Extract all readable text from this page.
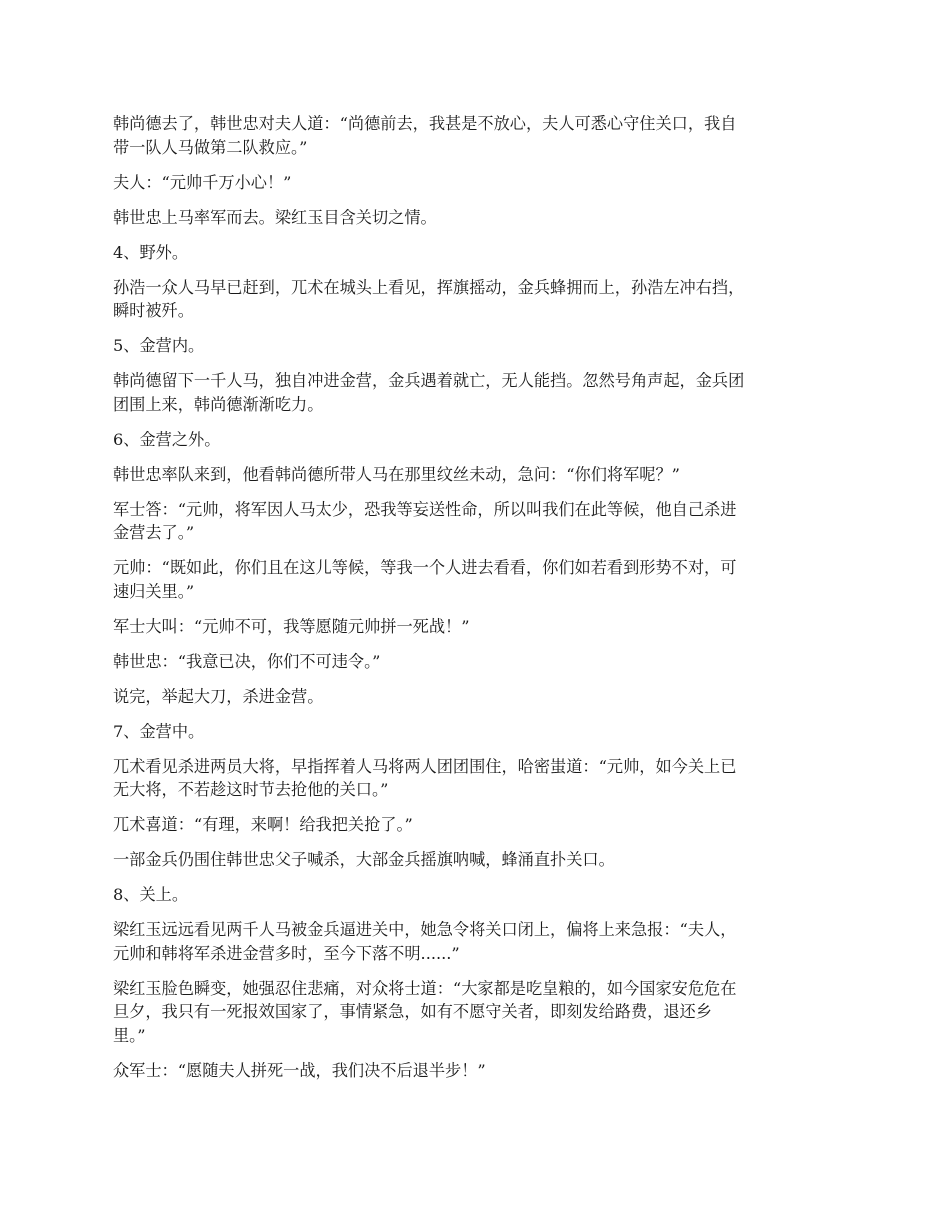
韩尚德去了，韩世忠对夫人道：“尚德前去，我甚是不放心，夫人可悉心守住关口，我自
带一队人马做第二队救应。”

夫人：“元帅千万小心！”

韩世忠上马率军而去。梁红玉目含关切之情。

4、野外。

孙浩一众人马早已赶到，兀术在城头上看见，挥旗摇动，金兵蜂拥而上，孙浩左冲右挡，
瞬时被歼。

5、金营内。

韩尚德留下一千人马，独自冲进金营，金兵遇着就亡，无人能挡。忽然号角声起，金兵团
团围上来，韩尚德渐渐吃力。

6、金营之外。

韩世忠率队来到，他看韩尚德所带人马在那里纹丝未动，急问：“你们将军呢？”

军士答：“元帅，将军因人马太少，恐我等妄送性命，所以叫我们在此等候，他自己杀进
金营去了。”

元帅：“既如此，你们且在这儿等候，等我一个人进去看看，你们如若看到形势不对，可
速归关里。”

军士大叫：“元帅不可，我等愿随元帅拼一死战！”

韩世忠：“我意已决，你们不可违令。”

说完，举起大刀，杀进金营。

7、金营中。

兀术看见杀进两员大将，早指挥着人马将两人团团围住，哈密蚩道：“元帅，如今关上已
无大将，不若趁这时节去抢他的关口。”

兀术喜道：“有理，来啊！给我把关抢了。”

一部金兵仍围住韩世忠父子喊杀，大部金兵摇旗呐喊，蜂涌直扑关口。

8、关上。

梁红玉远远看见两千人马被金兵逼进关中，她急令将关口闭上，偏将上来急报：“夫人，
元帅和韩将军杀进金营多时，至今下落不明......”

梁红玉脸色瞬变，她强忍住悲痛，对众将士道：“大家都是吃皇粮的，如今国家安危危在
旦夕，我只有一死报效国家了，事情紧急，如有不愿守关者，即刻发给路费，退还乡
里。”

众军士：“愿随夫人拼死一战，我们决不后退半步！”
